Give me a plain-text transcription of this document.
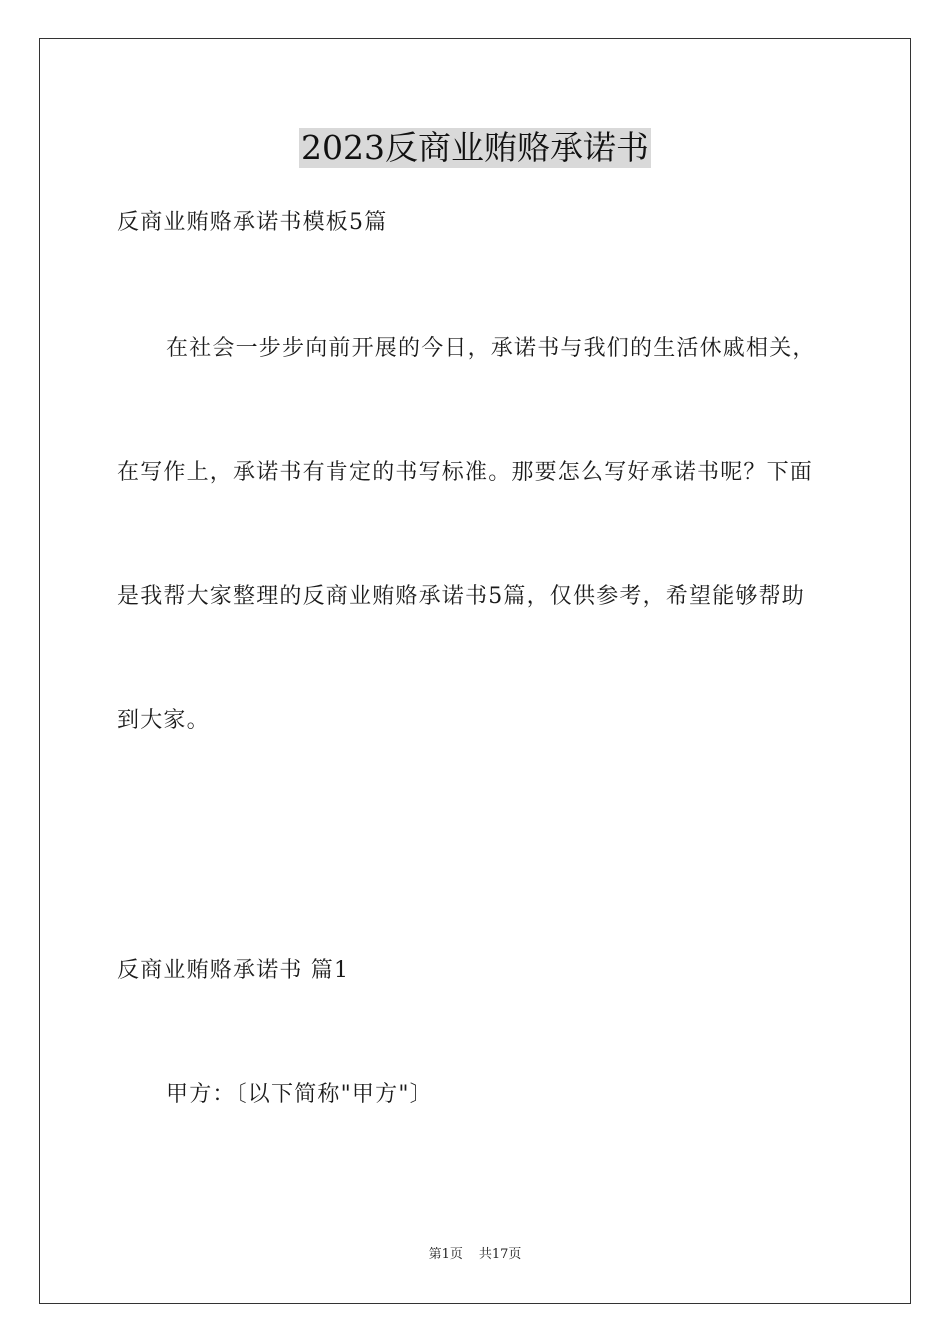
2023反商业贿赂承诺书
反商业贿赂承诺书模板5篇
在社会一步步向前开展的今日，承诺书与我们的生活休戚相关，
在写作上，承诺书有肯定的书写标准。那要怎么写好承诺书呢？下面
是我帮大家整理的反商业贿赂承诺书5篇，仅供参考，希望能够帮助
到大家。
反商业贿赂承诺书 篇1
甲方：〔以下简称"甲方"〕
第1页 共17页
